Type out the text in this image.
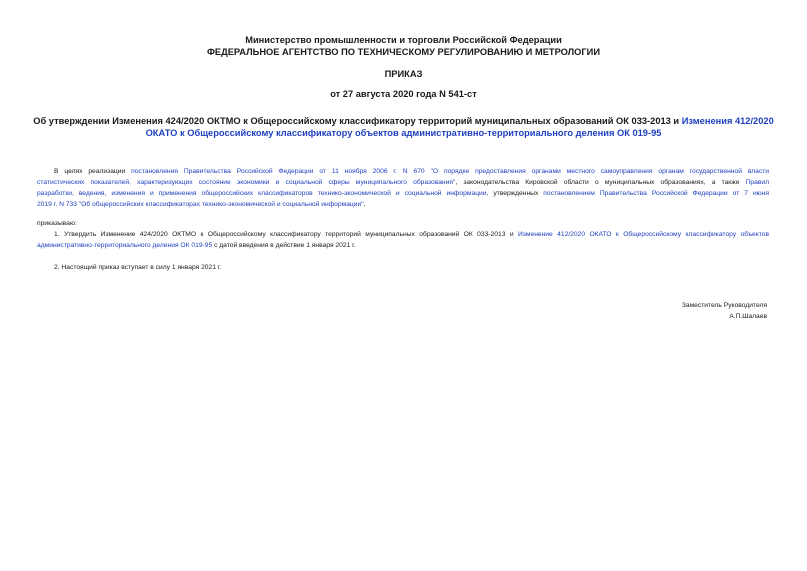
Министерство промышленности и торговли Российской Федерации
ФЕДЕРАЛЬНОЕ АГЕНТСТВО ПО ТЕХНИЧЕСКОМУ РЕГУЛИРОВАНИЮ И МЕТРОЛОГИИ
ПРИКАЗ
от 27 августа 2020 года N 541-ст
Об утверждении Изменения 424/2020 ОКТМО к Общероссийскому классификатору территорий муниципальных образований ОК 033-2013 и Изменения 412/2020
ОКАТО к Общероссийскому классификатору объектов административно-территориального деления ОК 019-95
В целях реализации постановления Правительства Российской Федерации от 11 ноября 2006 г. N 670 "О порядке предоставления органами местного самоуправления органам государственной власти
статистических показателей, характеризующих состояние экономики и социальной сферы муниципального образования", законодательства Кировской области о муниципальных образованиях, а также Правил
разработки, ведения, изменения и применения общероссийских классификаторов технико-экономической и социальной информации, утвержденных постановлением Правительства Российской Федерации от 7 июня
2019 г. N 733 "Об общероссийских классификаторах технико-экономической и социальной информации",
приказываю:
1. Утвердить Изменение 424/2020 ОКТМО к Общероссийскому классификатору территорий муниципальных образований ОК 033-2013 и Изменение 412/2020 ОКАТО к Общероссийскому классификатору объектов
административно-территориального деления ОК 019-95 с датой введения в действие 1 января 2021 г.
2. Настоящий приказ вступает в силу 1 января 2021 г.
Заместитель Руководителя
А.П.Шалаев
